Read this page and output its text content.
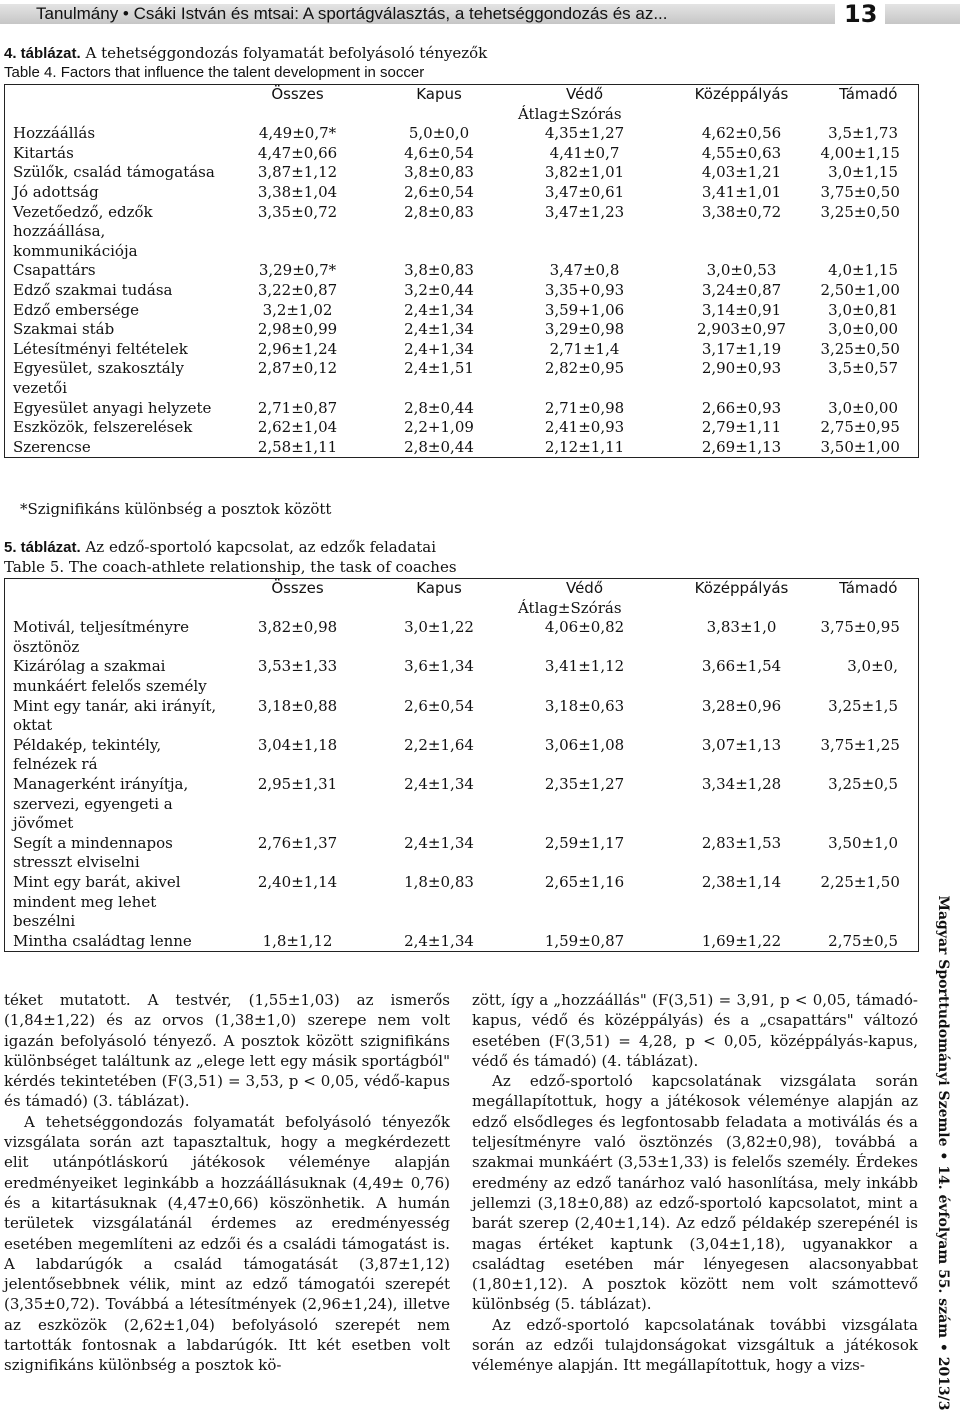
Tanulmány • Csáki István és mtsai: A sportágválasztás, a tehetséggondozás és az...	13
4. táblázat. A tehetséggondozás folyamatát befolyásoló tényezők
Table 4. Factors that influence the talent development in soccer
	Összes	Kapus	Védő	Középpályás	Támadó
	Átlag±Szórás				
Hozzáállás	4,49±0,7*	5,0±0,0	4,35±1,27	4,62±0,56	3,5±1,73
Kitartás	4,47±0,66	4,6±0,54	4,41±0,7	4,55±0,63	4,00±1,15
Szülők, család támogatása	3,87±1,12	3,8±0,83	3,82±1,01	4,03±1,21	3,0±1,15
Jó adottság	3,38±1,04	2,6±0,54	3,47±0,61	3,41±1,01	3,75±0,50
Vezetőedző, edzők hozzáállása, kommunikációja	3,35±0,72	2,8±0,83	3,47±1,23	3,38±0,72	3,25±0,50
Csapattárs	3,29±0,7*	3,8±0,83	3,47±0,8	3,0±0,53	4,0±1,15
Edző szakmai tudása	3,22±0,87	3,2±0,44	3,35+0,93	3,24±0,87	2,50±1,00
Edző embersége	3,2±1,02	2,4±1,34	3,59+1,06	3,14±0,91	3,0±0,81
Szakmai stáb	2,98±0,99	2,4±1,34	3,29±0,98	2,903±0,97	3,0±0,00
Létesítményi feltételek	2,96±1,24	2,4+1,34	2,71±1,4	3,17±1,19	3,25±0,50
Egyesület, szakosztály vezetői	2,87±0,12	2,4±1,51	2,82±0,95	2,90±0,93	3,5±0,57
Egyesület anyagi helyzete	2,71±0,87	2,8±0,44	2,71±0,98	2,66±0,93	3,0±0,00
Eszközök, felszerelések	2,62±1,04	2,2+1,09	2,41±0,93	2,79±1,11	2,75±0,95
Szerencse	2,58±1,11	2,8±0,44	2,12±1,11	2,69±1,13	3,50±1,00
*Szignifikáns különbség a posztok között
5. táblázat. Az edző-sportoló kapcsolat, az edzők feladatai
Table 5. The coach-athlete relationship, the task of coaches
	Összes	Kapus	Védő	Középpályás	Támadó
	Átlag±Szórás				
Motivál, teljesítményre ösztönöz	3,82±0,98	3,0±1,22	4,06±0,82	3,83±1,0	3,75±0,95
Kizárólag a szakmai munkáért felelős személy	3,53±1,33	3,6±1,34	3,41±1,12	3,66±1,54	3,0±0,
Mint egy tanár, aki irányít, oktat	3,18±0,88	2,6±0,54	3,18±0,63	3,28±0,96	3,25±1,5
Példakép, tekintély, felnézek rá	3,04±1,18	2,2±1,64	3,06±1,08	3,07±1,13	3,75±1,25
Managerként irányítja, szervezi, egyengeti a jövőmet	2,95±1,31	2,4±1,34	2,35±1,27	3,34±1,28	3,25±0,5
Segít a mindennapos stresszt elviselni	2,76±1,37	2,4±1,34	2,59±1,17	2,83±1,53	3,50±1,0
Mint egy barát, akivel mindent meg lehet beszélni	2,40±1,14	1,8±0,83	2,65±1,16	2,38±1,14	2,25±1,50
Mintha családtag lenne	1,8±1,12	2,4±1,34	1,59±0,87	1,69±1,22	2,75±0,5

téket mutatott. A testvér, (1,55±1,03) az ismerős (1,84±1,22) és az orvos (1,38±1,0) szerepe nem volt igazán befolyásoló tényező. A posztok között szignifikáns különbséget találtunk az „elege lett egy másik sportágból" kérdés tekintetében (F(3,51) = 3,53, p < 0,05, védő-kapus és támadó) (3. táblázat).

A tehetséggondozás folyamatát befolyásoló tényezők vizsgálata során azt tapasztaltuk, hogy a megkérdezett elit utánpótláskorú játékosok véleménye alapján eredményeiket leginkább a hozzáállásuknak (4,49± 0,76) és a kitartásuknak (4,47±0,66) köszönhetik. A humán területek vizsgálatánál érdemes az eredményesség esetében megemlíteni az edzői és a családi támogatást is. A labdarúgók a család támogatását (3,87±1,12) jelentősebbnek vélik, mint az edző támogatói szerepét (3,35±0,72). Továbbá a létesítmények (2,96±1,24), illetve az eszközök (2,62±1,04) befolyásoló szerepét nem tartották fontosnak a labdarúgók. Itt két esetben volt szignifikáns különbség a posztok kö-

zött, így a „hozzáállás" (F(3,51) = 3,91, p < 0,05, támadó-kapus, védő és középpályás) és a „csapattárs" változó esetében (F(3,51) = 4,28, p < 0,05, középpályás-kapus, védő és támadó) (4. táblázat).

Az edző-sportoló kapcsolatának vizsgálata során megállapítottuk, hogy a játékosok véleménye alapján az edző elsődleges és legfontosabb feladata a motiválás és a teljesítményre való ösztönzés (3,82±0,98), továbbá a szakmai munkáért (3,53±1,33) is felelős személy. Érdekes eredmény az edző tanárhoz való hasonlítása, mely inkább jellemzi (3,18±0,88) az edző-sportoló kapcsolatot, mint a barát szerep (2,40±1,14). Az edző példakép szerepénél is magas értéket kaptunk (3,04±1,18), ugyanakkor a családtag esetében már lényegesen alacsonyabbat (1,80±1,12). A posztok között nem volt számottevő különbség (5. táblázat).

Az edző-sportoló kapcsolatának további vizsgálata során az edzői tulajdonságokat vizsgáltuk a játékosok véleménye alapján. Itt megállapítottuk, hogy a vizs-	Magyar Sporttudományi Szemle • 14. évfolyam 55. szám • 2013/3
